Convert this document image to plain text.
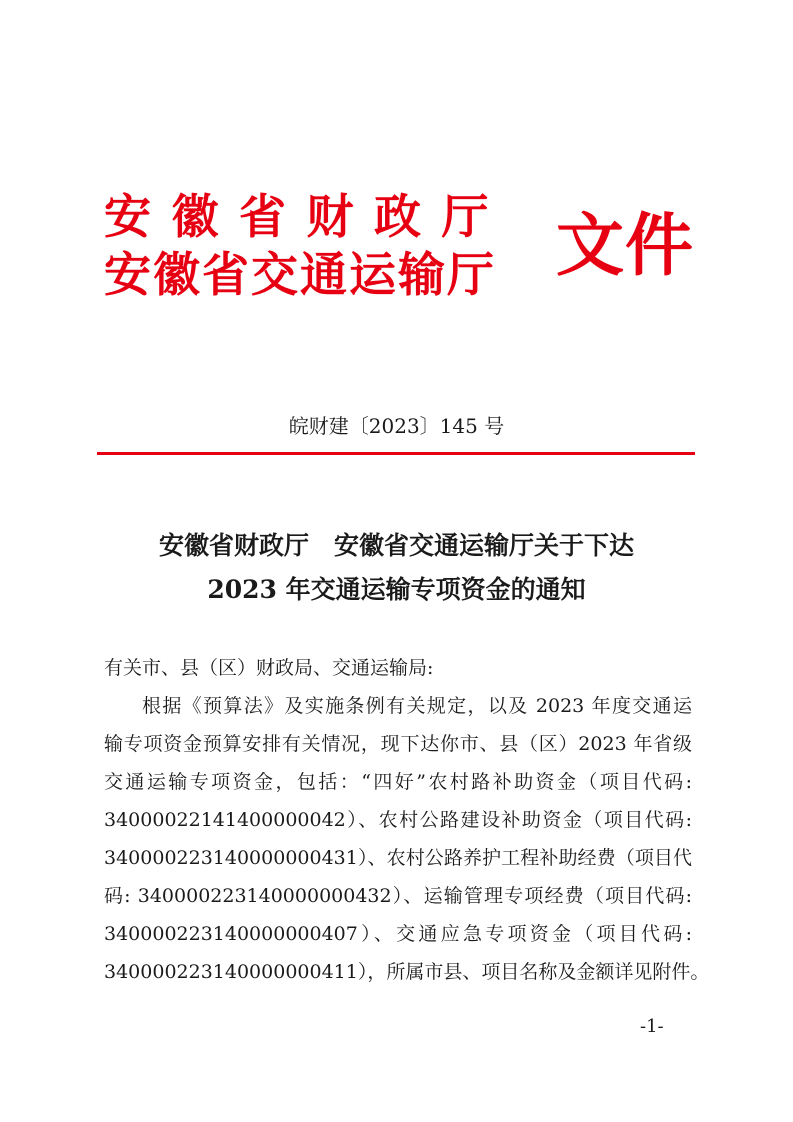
安徽省财政厅
安徽省交通运输厅 文件
皖财建〔2023〕145 号
安徽省财政厅　安徽省交通运输厅关于下达
2023 年交通运输专项资金的通知
有关市、县（区）财政局、交通运输局:
根据《预算法》及实施条例有关规定，以及 2023 年度交通运
输专项资金预算安排有关情况，现下达你市、县（区）2023 年省级
交通运输专项资金，包括：“四好”农村路补助资金（项目代码:
34000022141400000042）、农村公路建设补助资金（项目代码:
340000223140000000431）、农村公路养护工程补助经费（项目代
码: 340000223140000000432）、运输管理专项经费（项目代码:
340000223140000000407）、交通应急专项资金（项目代码:
340000223140000000411），所属市县、项目名称及金额详见附件。
-1-
